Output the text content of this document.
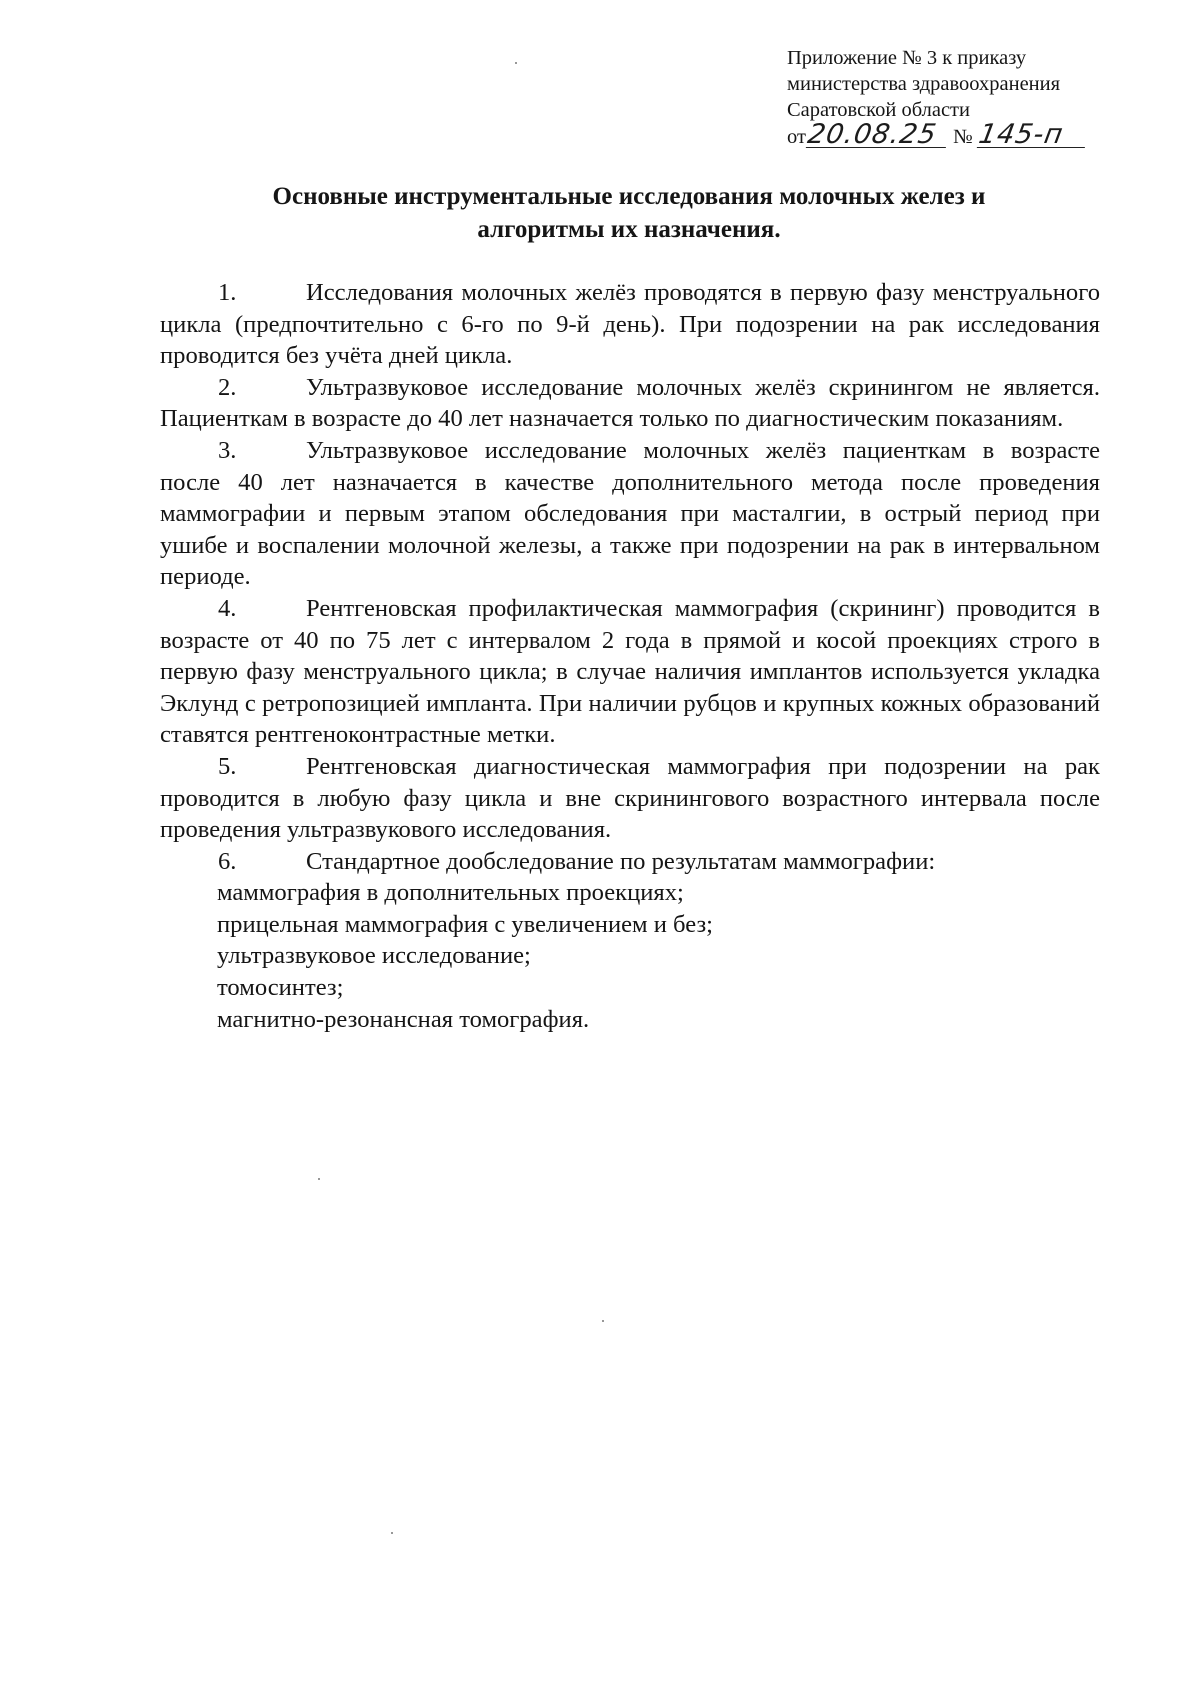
Приложение № 3 к приказу
министерства здравоохранения
Саратовской области
от20.08.25 № 145-п
Основные инструментальные исследования молочных желез и
алгоритмы их назначения.

1.	Исследования молочных желёз проводятся в первую фазу менструального цикла (предпочтительно с 6-го по 9-й день). При подозрении на рак исследования проводится без учёта дней цикла.

2.	Ультразвуковое исследование молочных желёз скринингом не является. Пациенткам в возрасте до 40 лет назначается только по диагностическим показаниям.

3.	Ультразвуковое исследование молочных желёз пациенткам в возрасте после 40 лет назначается в качестве дополнительного метода после проведения маммографии и первым этапом обследования при масталгии, в острый период при ушибе и воспалении молочной железы, а также при подозрении на рак в интервальном периоде.

4.	Рентгеновская профилактическая маммография (скрининг) проводится в возрасте от 40 по 75 лет с интервалом 2 года в прямой и косой проекциях строго в первую фазу менструального цикла; в случае наличия имплантов используется укладка Эклунд с ретропозицией импланта. При наличии рубцов и крупных кожных образований ставятся рентгеноконтрастные метки.

5.	Рентгеновская диагностическая маммография при подозрении на рак проводится в любую фазу цикла и вне скринингового возрастного интервала после проведения ультразвукового исследования.

6.	Стандартное дообследование по результатам маммографии:

маммография в дополнительных проекциях;

прицельная маммография с увеличением и без;

ультразвуковое исследование;

томосинтез;

магнитно-резонансная томография.
